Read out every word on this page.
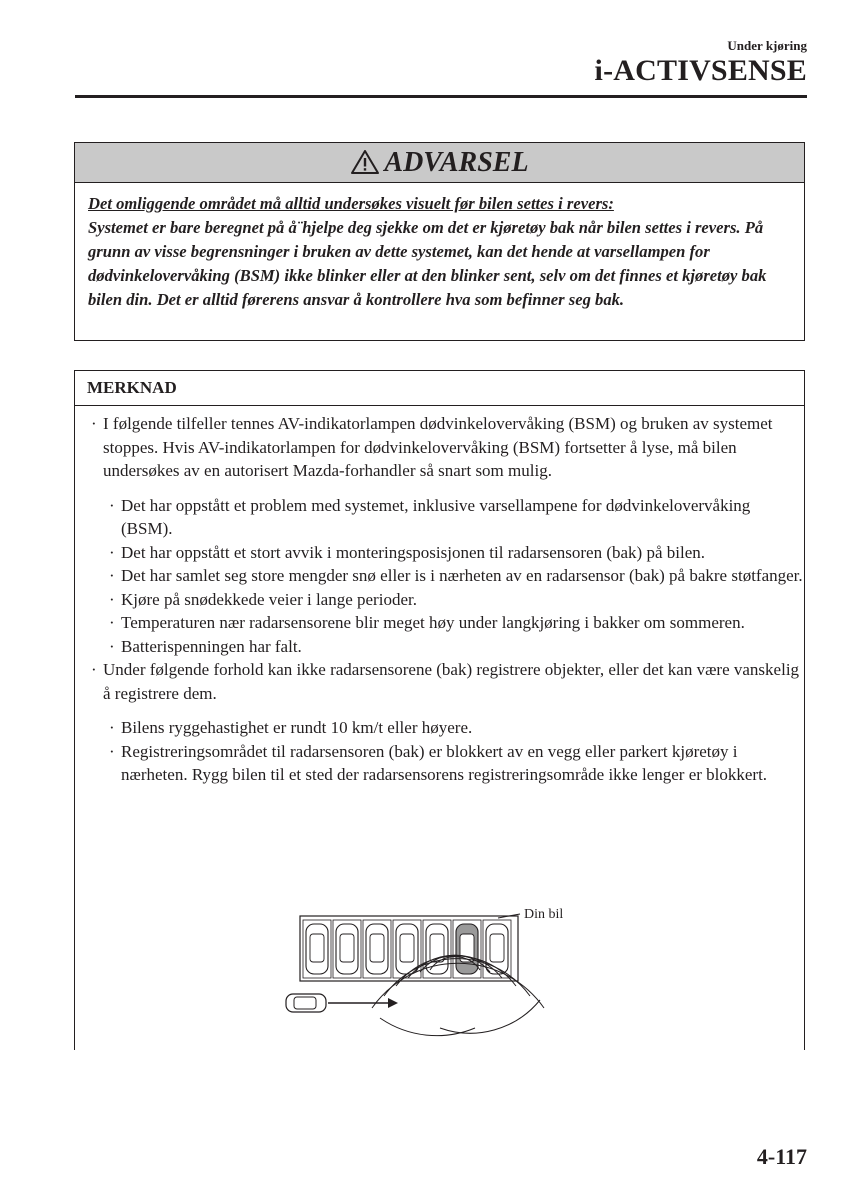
Under kjøring
i-ACTIVSENSE
ADVARSEL
Det omliggende området må alltid undersøkes visuelt før bilen settes i revers:
Systemet er bare beregnet på å¨hjelpe deg sjekke om det er kjøretøy bak når bilen settes i revers. På grunn av visse begrensninger i bruken av dette systemet, kan det hende at varsellampen for dødvinkelovervåking (BSM) ikke blinker eller at den blinker sent, selv om det finnes et kjøretøy bak bilen din. Det er alltid førerens ansvar å kontrollere hva som befinner seg bak.
MERKNAD
· I følgende tilfeller tennes AV-indikatorlampen dødvinkelovervåking (BSM) og bruken av systemet stoppes. Hvis AV-indikatorlampen for dødvinkelovervåking (BSM) fortsetter å lyse, må bilen undersøkes av en autorisert Mazda-forhandler så snart som mulig.
· Det har oppstått et problem med systemet, inklusive varsellampene for dødvinkelovervåking (BSM).
· Det har oppstått et stort avvik i monteringsposisjonen til radarsensoren (bak) på bilen.
· Det har samlet seg store mengder snø eller is i nærheten av en radarsensor (bak) på bakre støtfanger.
· Kjøre på snødekkede veier i lange perioder.
· Temperaturen nær radarsensorene blir meget høy under langkjøring i bakker om sommeren.
· Batterispenningen har falt.
· Under følgende forhold kan ikke radarsensorene (bak) registrere objekter, eller det kan være vanskelig å registrere dem.
· Bilens ryggehastighet er rundt 10 km/t eller høyere.
· Registreringsområdet til radarsensoren (bak) er blokkert av en vegg eller parkert kjøretøy i nærheten. Rygg bilen til et sted der radarsensorens registreringsområde ikke lenger er blokkert.
Din bil
4-117
